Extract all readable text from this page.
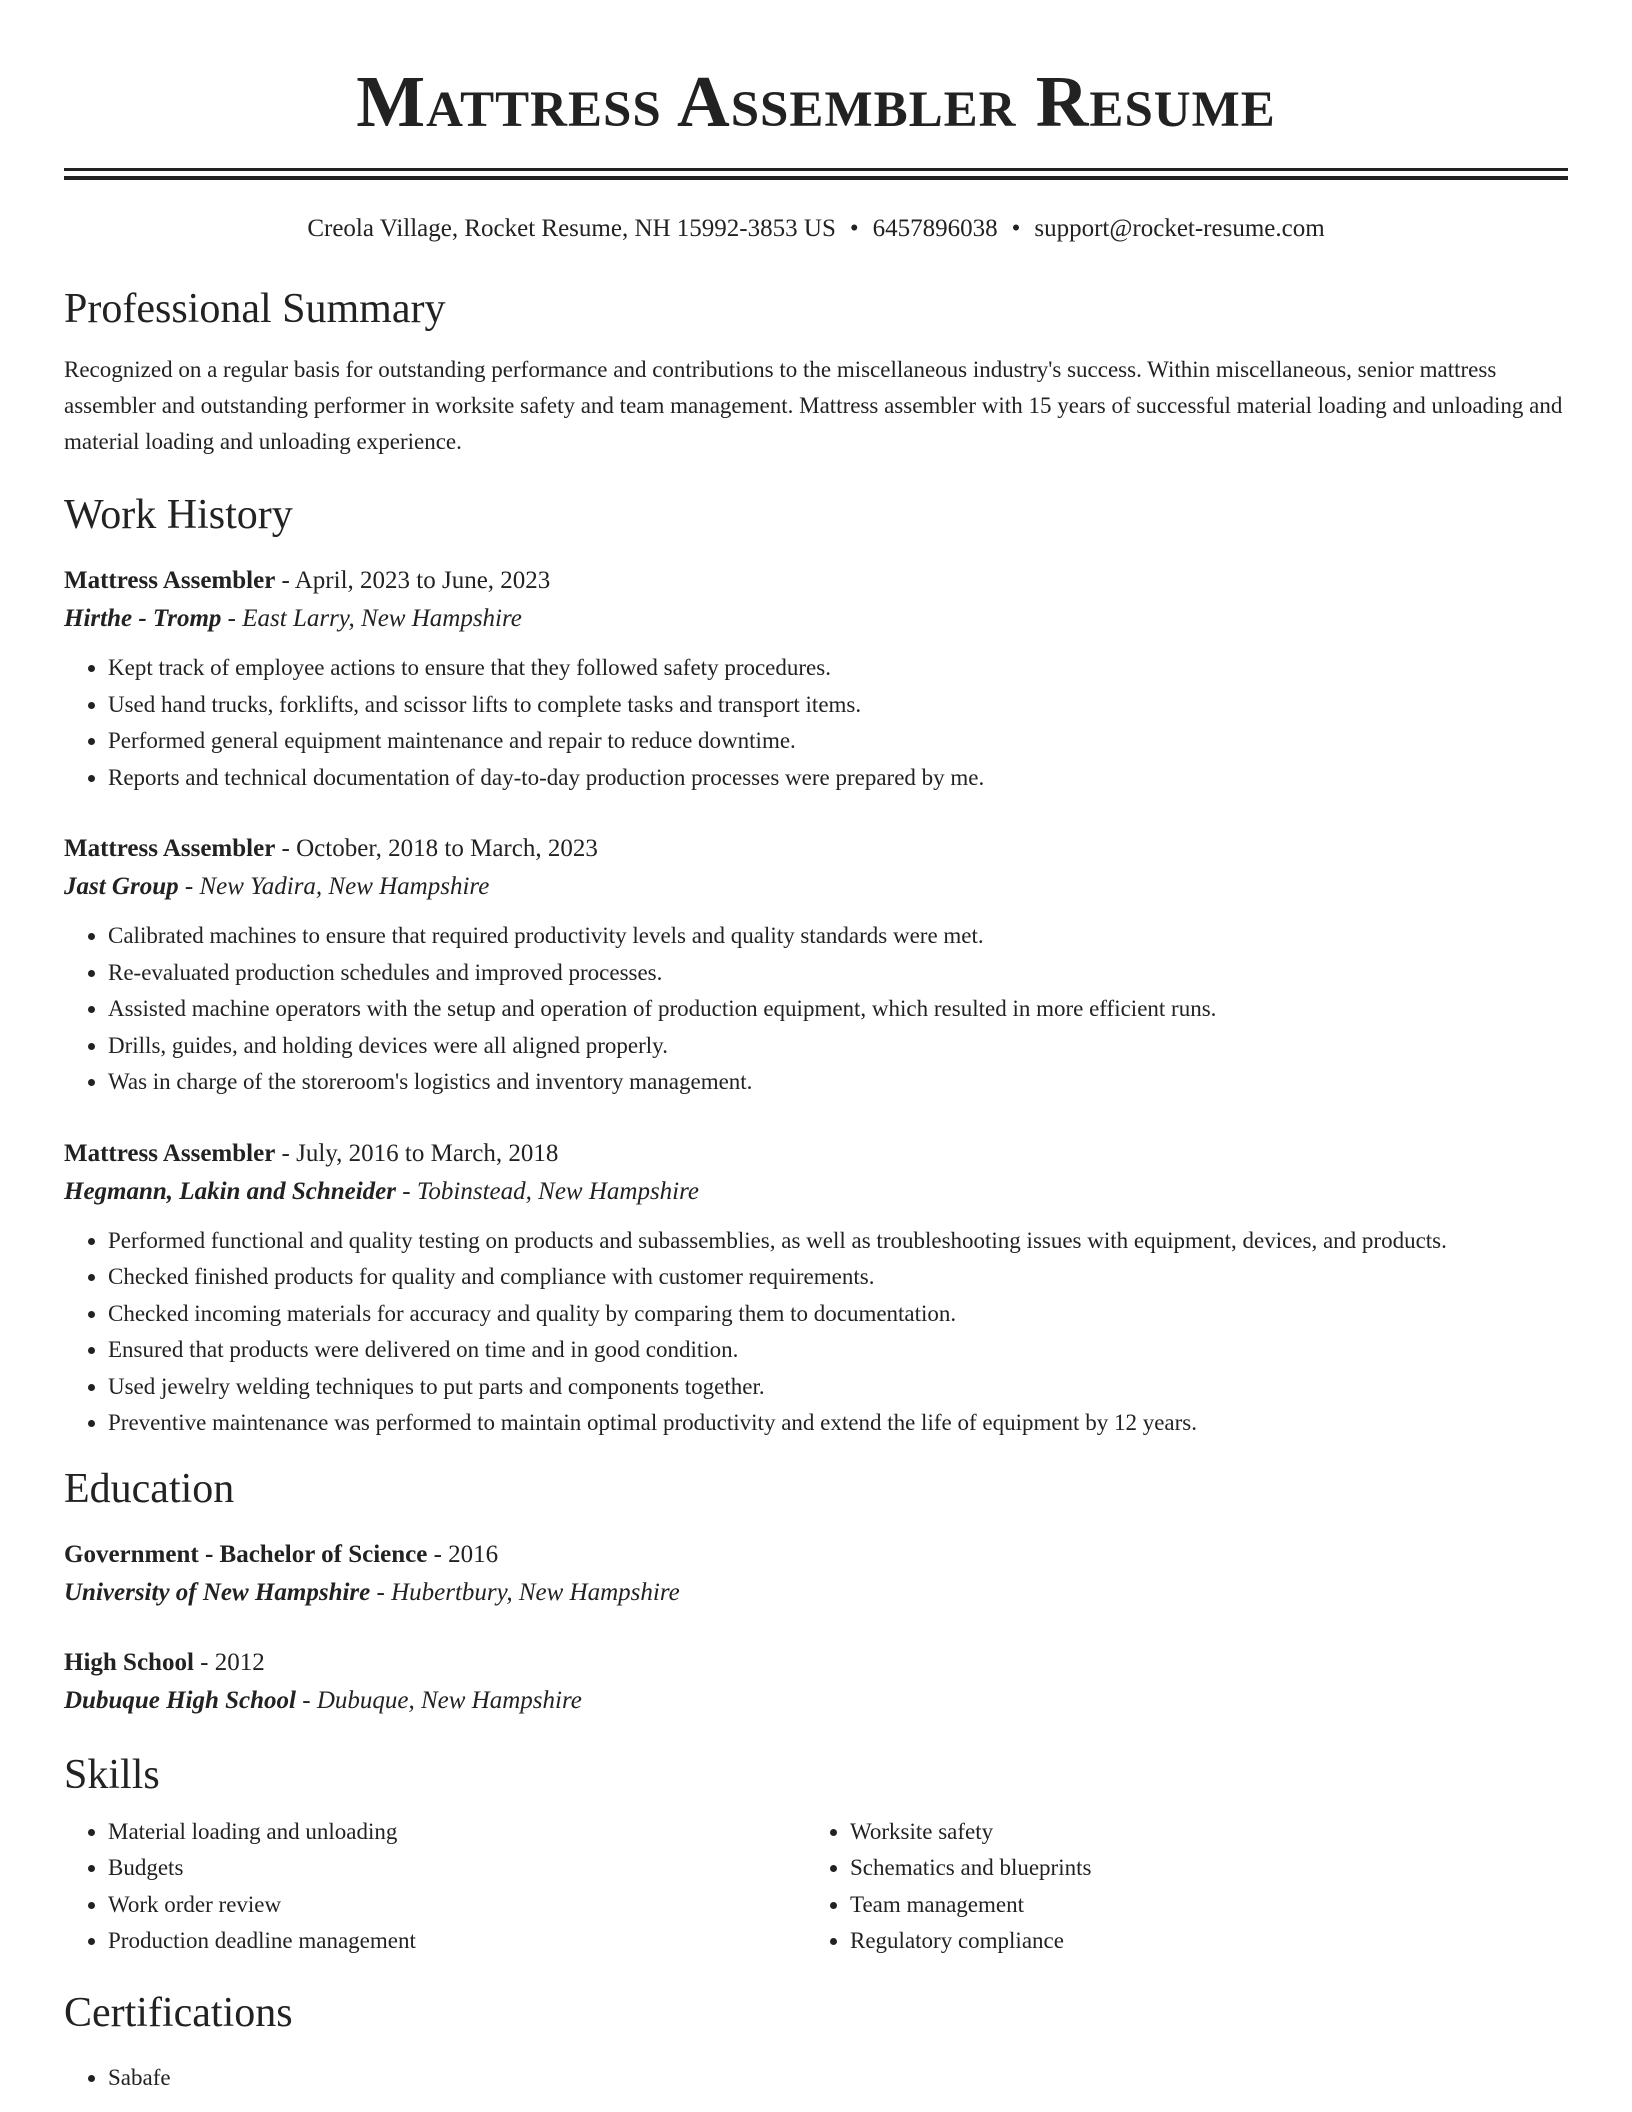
Mattress Assembler Resume
Creola Village, Rocket Resume, NH 15992-3853 US • 6457896038 • support@rocket-resume.com
Professional Summary
Recognized on a regular basis for outstanding performance and contributions to the miscellaneous industry's success. Within miscellaneous, senior mattress assembler and outstanding performer in worksite safety and team management. Mattress assembler with 15 years of successful material loading and unloading and material loading and unloading experience.
Work History
Mattress Assembler - April, 2023 to June, 2023
Hirthe - Tromp - East Larry, New Hampshire
• Kept track of employee actions to ensure that they followed safety procedures.
• Used hand trucks, forklifts, and scissor lifts to complete tasks and transport items.
• Performed general equipment maintenance and repair to reduce downtime.
• Reports and technical documentation of day-to-day production processes were prepared by me.
Mattress Assembler - October, 2018 to March, 2023
Jast Group - New Yadira, New Hampshire
• Calibrated machines to ensure that required productivity levels and quality standards were met.
• Re-evaluated production schedules and improved processes.
• Assisted machine operators with the setup and operation of production equipment, which resulted in more efficient runs.
• Drills, guides, and holding devices were all aligned properly.
• Was in charge of the storeroom's logistics and inventory management.
Mattress Assembler - July, 2016 to March, 2018
Hegmann, Lakin and Schneider - Tobinstead, New Hampshire
• Performed functional and quality testing on products and subassemblies, as well as troubleshooting issues with equipment, devices, and products.
• Checked finished products for quality and compliance with customer requirements.
• Checked incoming materials for accuracy and quality by comparing them to documentation.
• Ensured that products were delivered on time and in good condition.
• Used jewelry welding techniques to put parts and components together.
• Preventive maintenance was performed to maintain optimal productivity and extend the life of equipment by 12 years.
Education
Government - Bachelor of Science - 2016
University of New Hampshire - Hubertbury, New Hampshire
High School - 2012
Dubuque High School - Dubuque, New Hampshire
Skills
• Material loading and unloading
• Budgets
• Work order review
• Production deadline management
• Worksite safety
• Schematics and blueprints
• Team management
• Regulatory compliance
Certifications
• Sabafe
